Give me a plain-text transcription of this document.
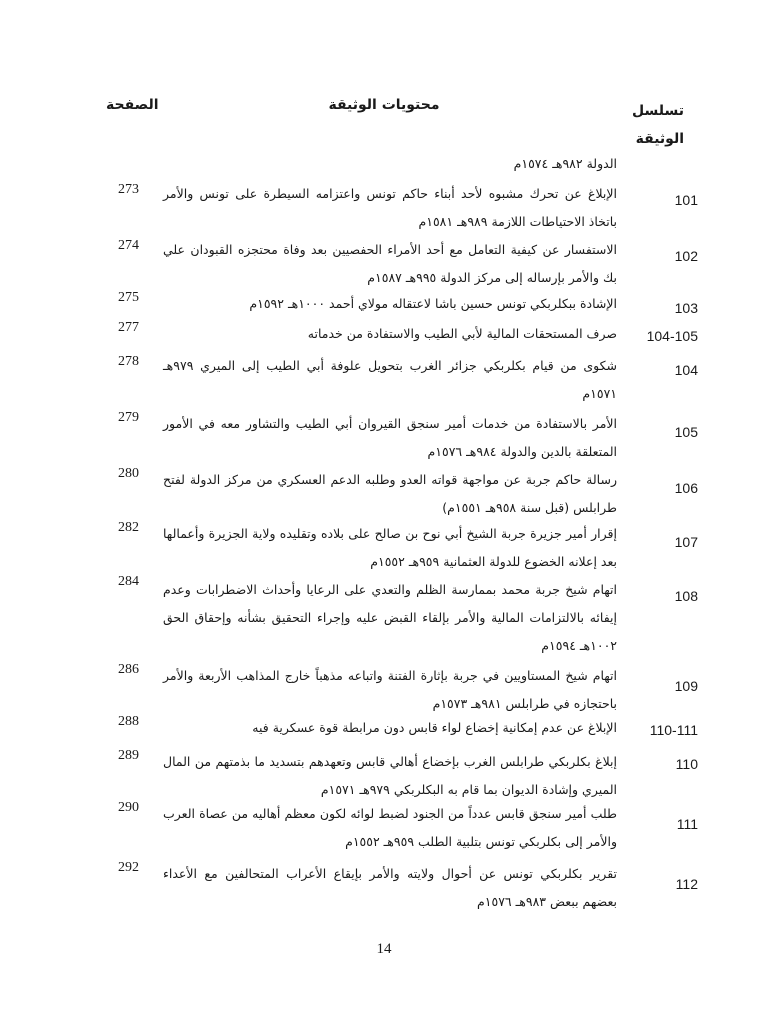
تسلسل الوثيقة
محتويات الوثيقة
الصفحة
الدولة ٩٨٢هـ ١٥٧٤م
101
الإبلاغ عن تحرك مشبوه لأحد أبناء حاكم تونس واعتزامه السيطرة على تونس والأمر باتخاذ الاحتياطات اللازمة ٩٨٩هـ ١٥٨١م
273
102
الاستفسار عن كيفية التعامل مع أحد الأمراء الحفصيين بعد وفاة محتجزه القبودان علي بك والأمر بإرساله إلى مركز الدولة ٩٩٥هـ ١٥٨٧م
274
103
الإشادة ببكلربكي تونس حسين باشا لاعتقاله مولاي أحمد ١٠٠٠هـ ١٥٩٢م
275
104-105
صرف المستحقات المالية لأبي الطيب والاستفادة من خدماته
277
104
شكوى من قيام بكلربكي جزائر الغرب بتحويل علوفة أبي الطيب إلى الميري ٩٧٩هـ ١٥٧١م
278
105
الأمر بالاستفادة من خدمات أمير سنجق القيروان أبي الطيب والتشاور معه في الأمور المتعلقة بالدين والدولة ٩٨٤هـ ١٥٧٦م
279
106
رسالة حاكم جربة عن مواجهة قواته العدو وطلبه الدعم العسكري من مركز الدولة لفتح طرابلس (قبل سنة ٩٥٨هـ ١٥٥١م)
280
107
إقرار أمير جزيرة جربة الشيخ أبي نوح بن صالح على بلاده وتقليده ولاية الجزيرة وأعمالها بعد إعلانه الخضوع للدولة العثمانية ٩٥٩هـ ١٥٥٢م
282
108
اتهام شيخ جربة محمد بممارسة الظلم والتعدي على الرعايا وأحداث الاضطرابات وعدم إيفائه بالالتزامات المالية والأمر بإلقاء القبض عليه وإجراء التحقيق بشأنه وإحقاق الحق ١٠٠٢هـ ١٥٩٤م
284
109
اتهام شيخ المستاويين في جربة بإثارة الفتنة واتباعه مذهباً خارج المذاهب الأربعة والأمر باحتجازه في طرابلس ٩٨١هـ ١٥٧٣م
286
110-111
الإبلاغ عن عدم إمكانية إخضاع لواء قابس دون مرابطة قوة عسكرية فيه
288
110
إبلاغ بكلربكي طرابلس الغرب بإخضاع أهالي قابس وتعهدهم بتسديد ما بذمتهم من المال الميري وإشادة الديوان بما قام به البكلربكي ٩٧٩هـ ١٥٧١م
289
111
طلب أمير سنجق قابس عدداً من الجنود لضبط لوائه لكون معظم أهاليه من عصاة العرب والأمر إلى بكلربكي تونس بتلبية الطلب ٩٥٩هـ ١٥٥٢م
290
112
تقرير بكلربكي تونس عن أحوال ولايته والأمر بإيقاع الأعراب المتحالفين مع الأعداء بعضهم ببعض ٩٨٣هـ ١٥٧٦م
292
14
